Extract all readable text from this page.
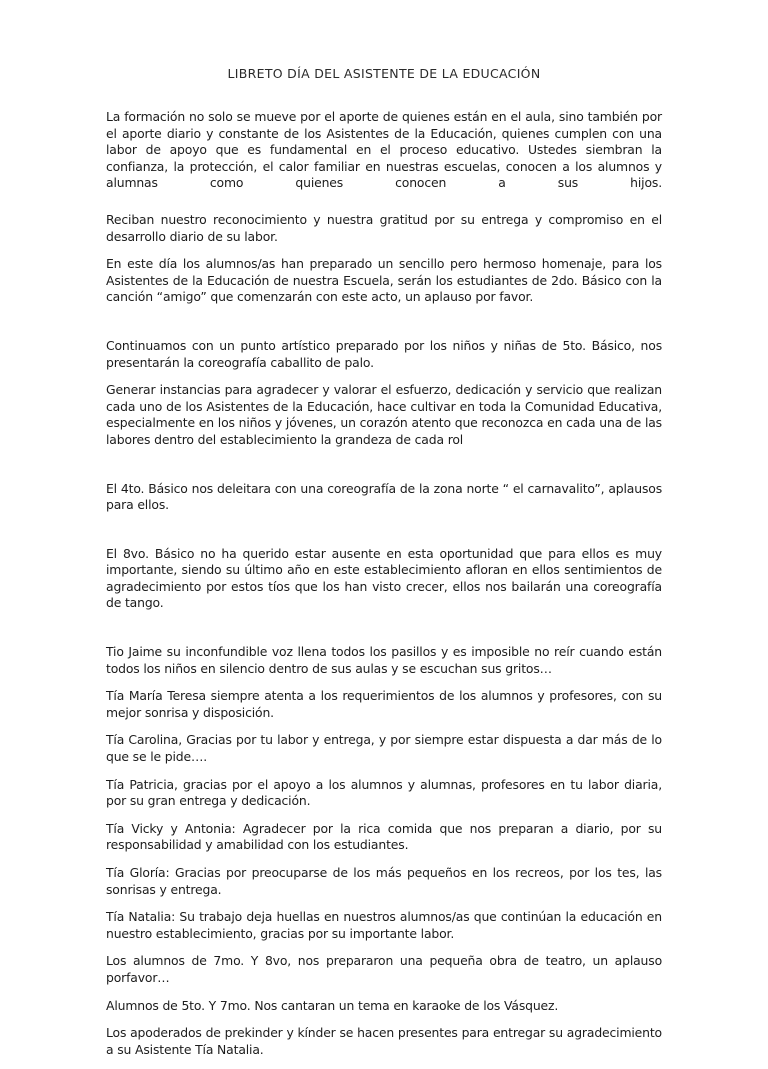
LIBRETO DÍA DEL ASISTENTE DE LA EDUCACIÓN

La formación no solo se mueve por el aporte de quienes están en el aula, sino también por el aporte diario y constante de los Asistentes de la Educación, quienes cumplen con una labor de apoyo que es fundamental en el proceso educativo. Ustedes siembran la confianza, la protección, el calor familiar en nuestras escuelas, conocen a los alumnos y alumnas como quienes conocen a sus hijos.

Reciban nuestro reconocimiento y nuestra gratitud por su entrega y compromiso en el desarrollo diario de su labor.

En este día los alumnos/as han preparado un sencillo pero hermoso homenaje, para los Asistentes de la Educación de nuestra Escuela, serán los estudiantes de 2do. Básico con la canción “amigo” que comenzarán con este acto, un aplauso por favor.

Continuamos con un punto artístico preparado por los niños y niñas de 5to. Básico, nos presentarán la coreografía caballito de palo.

Generar instancias para agradecer y valorar el esfuerzo, dedicación y servicio que realizan cada uno de los Asistentes de la Educación, hace cultivar en toda la Comunidad Educativa, especialmente en los niños y jóvenes, un corazón atento que reconozca en cada una de las labores dentro del establecimiento la grandeza de cada rol

El 4to. Básico nos deleitara con una coreografía de la zona norte “ el carnavalito”, aplausos para ellos.

El 8vo. Básico no ha querido estar ausente en esta oportunidad que para ellos es muy importante, siendo su último año en este establecimiento afloran en ellos sentimientos de agradecimiento por estos tíos que los han visto crecer, ellos nos bailarán una coreografía de tango.

Tio Jaime su inconfundible voz llena todos los pasillos y es imposible no reír cuando están todos los niños en silencio dentro de sus aulas y se escuchan sus gritos…

Tía María Teresa siempre atenta a los requerimientos de los alumnos y profesores, con su mejor sonrisa y disposición.

Tía Carolina, Gracias por tu labor y entrega, y por siempre estar dispuesta a dar más de lo que se le pide….

Tía Patricia, gracias por el apoyo a los alumnos y alumnas, profesores en tu labor diaria, por su gran entrega y dedicación.

Tía Vicky y Antonia: Agradecer por la rica comida que nos preparan a diario, por su responsabilidad y amabilidad con los estudiantes.

Tía Gloría: Gracias por preocuparse de los más pequeños en los recreos, por los tes, las sonrisas y entrega.

Tía Natalia: Su trabajo deja huellas en nuestros alumnos/as que continúan la educación en nuestro establecimiento, gracias por su importante labor.

Los alumnos de 7mo. Y 8vo, nos prepararon una pequeña obra de teatro, un aplauso porfavor…

Alumnos de 5to. Y 7mo. Nos cantaran un tema en karaoke de los Vásquez.

Los apoderados de prekinder y kínder se hacen presentes para entregar su agradecimiento a su Asistente Tía Natalia.
